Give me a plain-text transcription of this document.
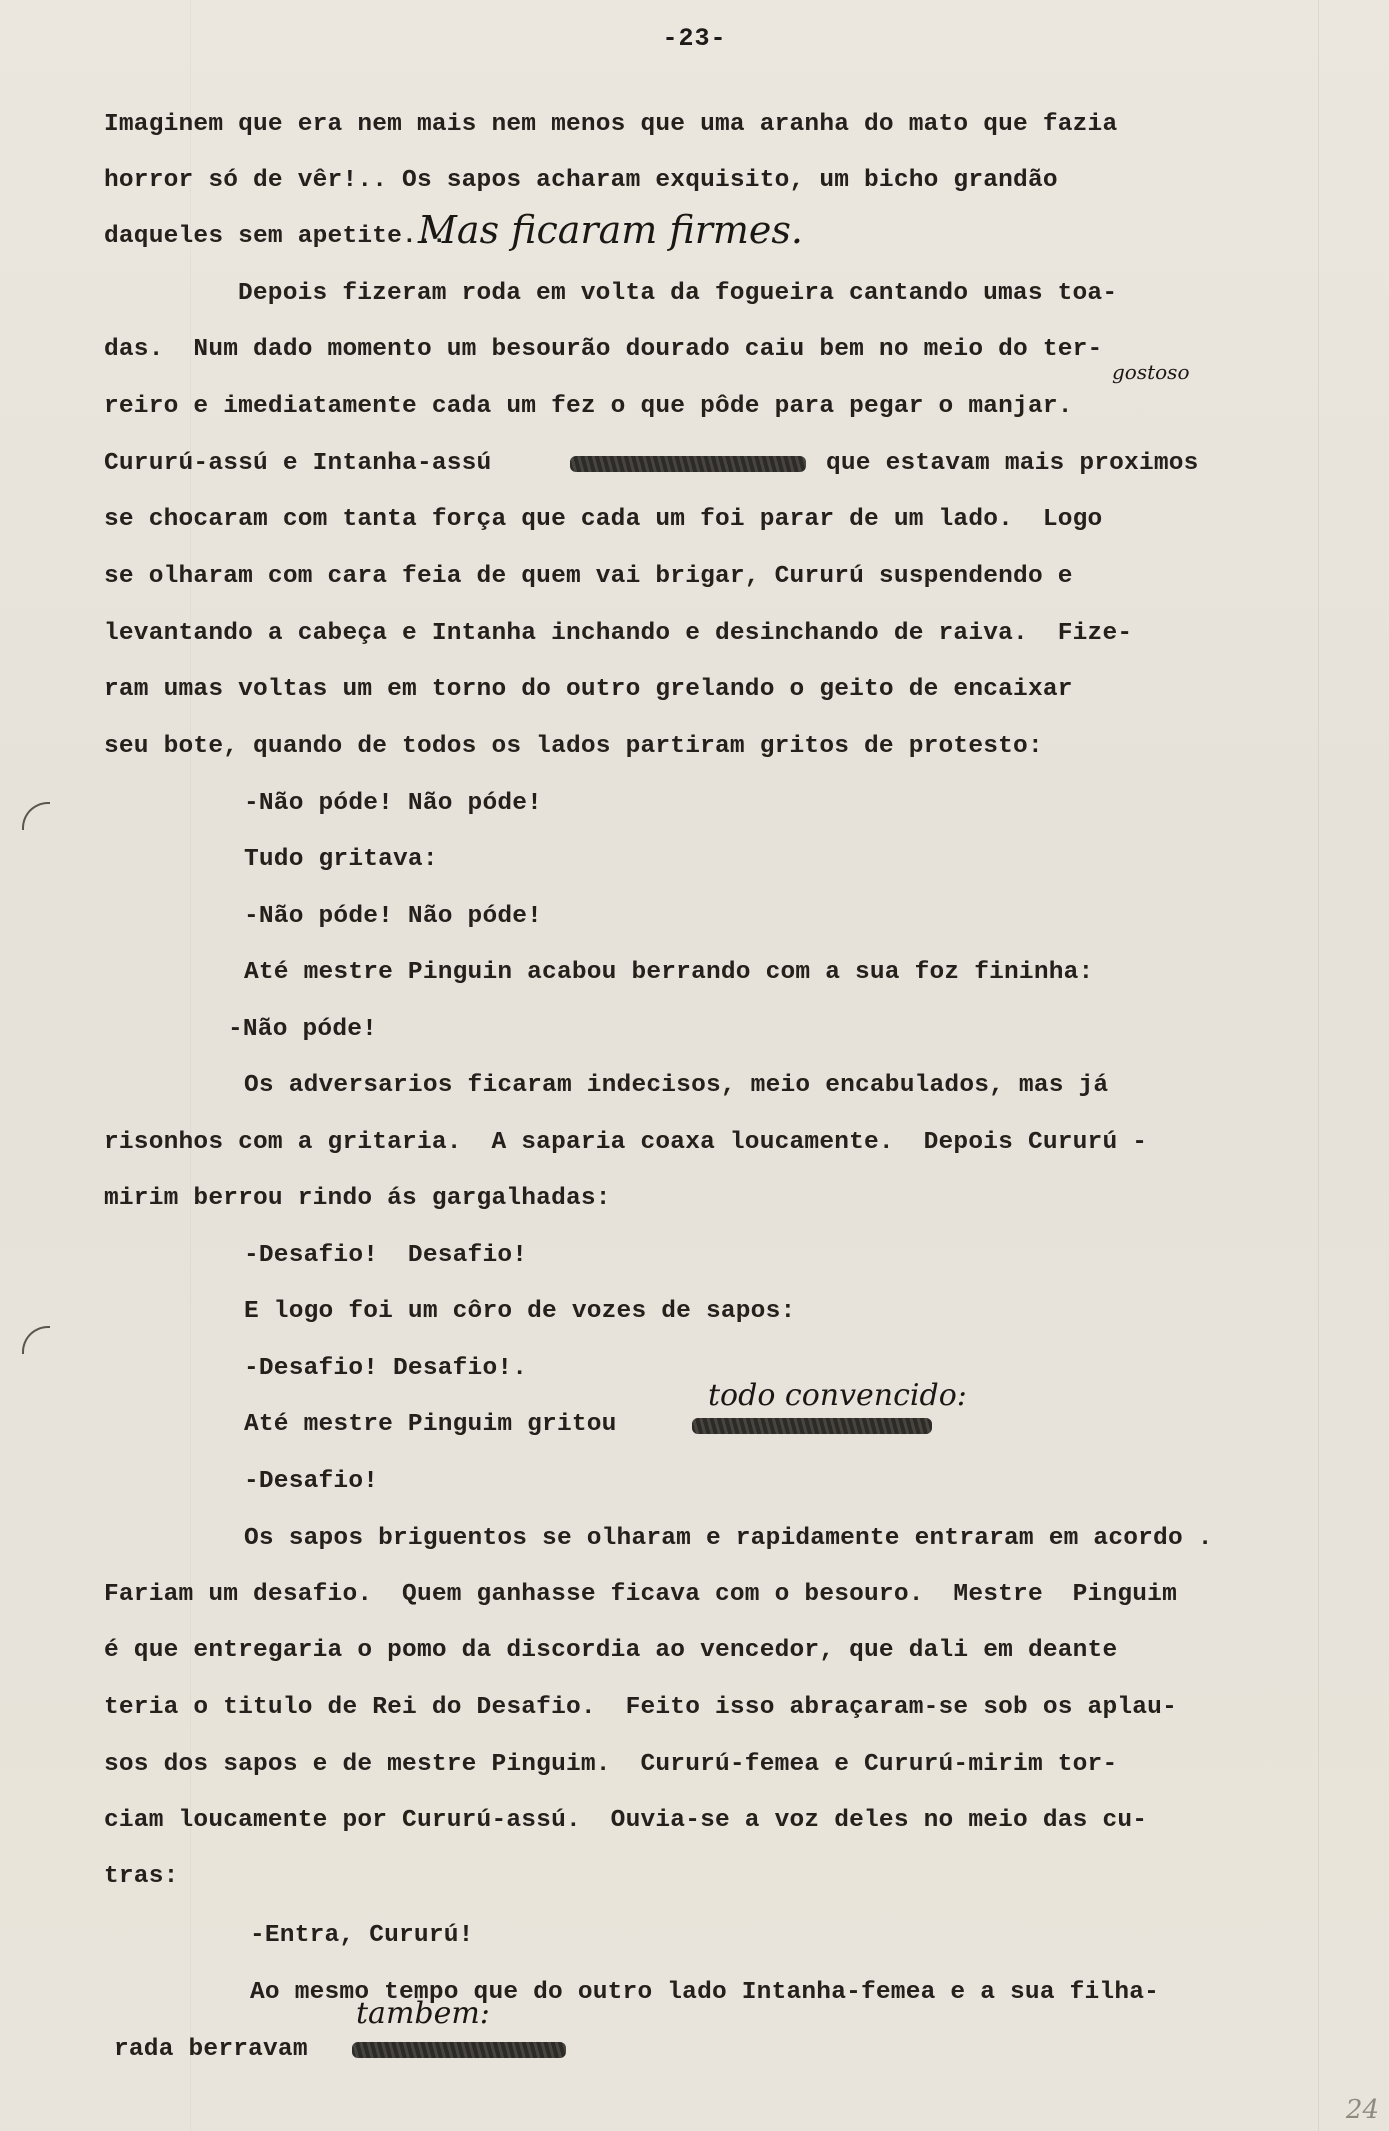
-23-
Imaginem que era nem mais nem menos que uma aranha do mato que fazia
horror só de vêr!.. Os sapos acharam exquisito, um bicho grandão
daqueles sem apetite...
Mas ficaram firmes.
Depois fizeram roda em volta da fogueira cantando umas toa-
das.  Num dado momento um besourão dourado caiu bem no meio do ter-
gostoso
reiro e imediatamente cada um fez o que pôde para pegar o manjar.
Cururú-assú e Intanha-assú	que estavam mais proximos
se chocaram com tanta força que cada um foi parar de um lado.  Logo
se olharam com cara feia de quem vai brigar, Cururú suspendendo e
levantando a cabeça e Intanha inchando e desinchando de raiva.  Fize-
ram umas voltas um em torno do outro grelando o geito de encaixar
seu bote, quando de todos os lados partiram gritos de protesto:
-Não póde! Não póde!
Tudo gritava:
-Não póde! Não póde!
Até mestre Pinguin acabou berrando com a sua foz fininha:
-Não póde!
Os adversarios ficaram indecisos, meio encabulados, mas já
risonhos com a gritaria.  A saparia coaxa loucamente.  Depois Cururú -
mirim berrou rindo ás gargalhadas:
-Desafio!  Desafio!
E logo foi um côro de vozes de sapos:
-Desafio! Desafio!.
Até mestre Pinguim gritou
todo convencido:
-Desafio!
Os sapos briguentos se olharam e rapidamente entraram em acordo .
Fariam um desafio.  Quem ganhasse ficava com o besouro.  Mestre  Pinguim
é que entregaria o pomo da discordia ao vencedor, que dali em deante
teria o titulo de Rei do Desafio.  Feito isso abraçaram-se sob os aplau-
sos dos sapos e de mestre Pinguim.  Cururú-femea e Cururú-mirim tor-
ciam loucamente por Cururú-assú.  Ouvia-se a voz deles no meio das cu-
tras:
-Entra, Cururú!
Ao mesmo tempo que do outro lado Intanha-femea e a sua filha-
rada berravam
tambem:
24
